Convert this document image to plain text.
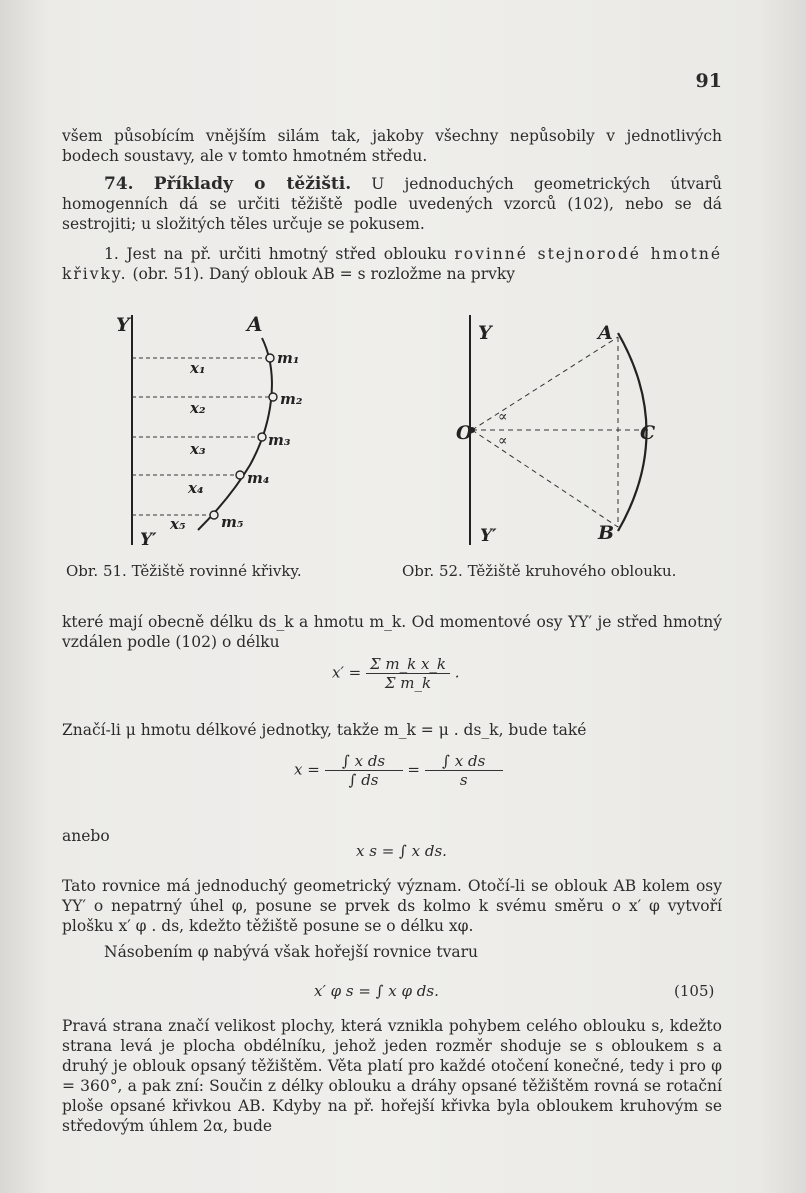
91
všem působícím vnějším silám tak, jakoby všechny nepůsobily v jednotlivých bodech soustavy, ale v tomto hmotném středu.
74. Příklady o těžišti. U jednoduchých geometrických útvarů homogenních dá se určiti těžiště podle uvedených vzorců (102), nebo se dá sestrojiti; u složitých těles určuje se pokusem.
1. Jest na př. určiti hmotný střed oblouku rovinné stejnorodé hmotné křivky. (obr. 51). Daný oblouk AB = s rozložme na prvky
Y
Y′
A
x₁
x₂
x₃
x₄
x₅
m₁
m₂
m₃
m₄
m₅
Y
Y′
A
B
C
O
∝
∝
Obr. 51. Těžiště rovinné křivky.	Obr. 52. Těžiště kruhového oblouku.
které mají obecně délku ds_k a hmotu m_k. Od momentové osy YY′ je střed hmotný vzdálen podle (102) o délku
$x' = \frac{\text{Σ m\_k x\_k}}{\text{Σ m\_k}}$ .
Značí-li μ hmotu délkové jednotky, takže m_k = μ . ds_k, bude také
$x = \frac{\text{∫ x ds}}{\int ds} = \frac{\text{∫ x ds}}{s}$
anebo
x s = ∫ x ds.
Tato rovnice má jednoduchý geometrický význam. Otočí-li se oblouk AB kolem osy YY′ o nepatrný úhel φ, posune se prvek ds kolmo k svému směru o x′ φ vytvoří plošku x′ φ . ds, kdežto těžiště posune se o délku xφ.
Násobením φ nabývá však hořejší rovnice tvaru
x′ φ s = ∫ x φ ds.	(105)
Pravá strana značí velikost plochy, která vznikla pohybem celého oblouku s, kdežto strana levá je plocha obdélníku, jehož jeden rozměr shoduje se s obloukem s a druhý je oblouk opsaný těžištěm. Věta platí pro každé otočení konečné, tedy i pro φ = 360°, a pak zní: Součin z délky oblouku a dráhy opsané těžištěm rovná se rotační ploše opsané křivkou AB. Kdyby na př. hořejší křivka byla obloukem kruhovým se středovým úhlem 2α, bude
